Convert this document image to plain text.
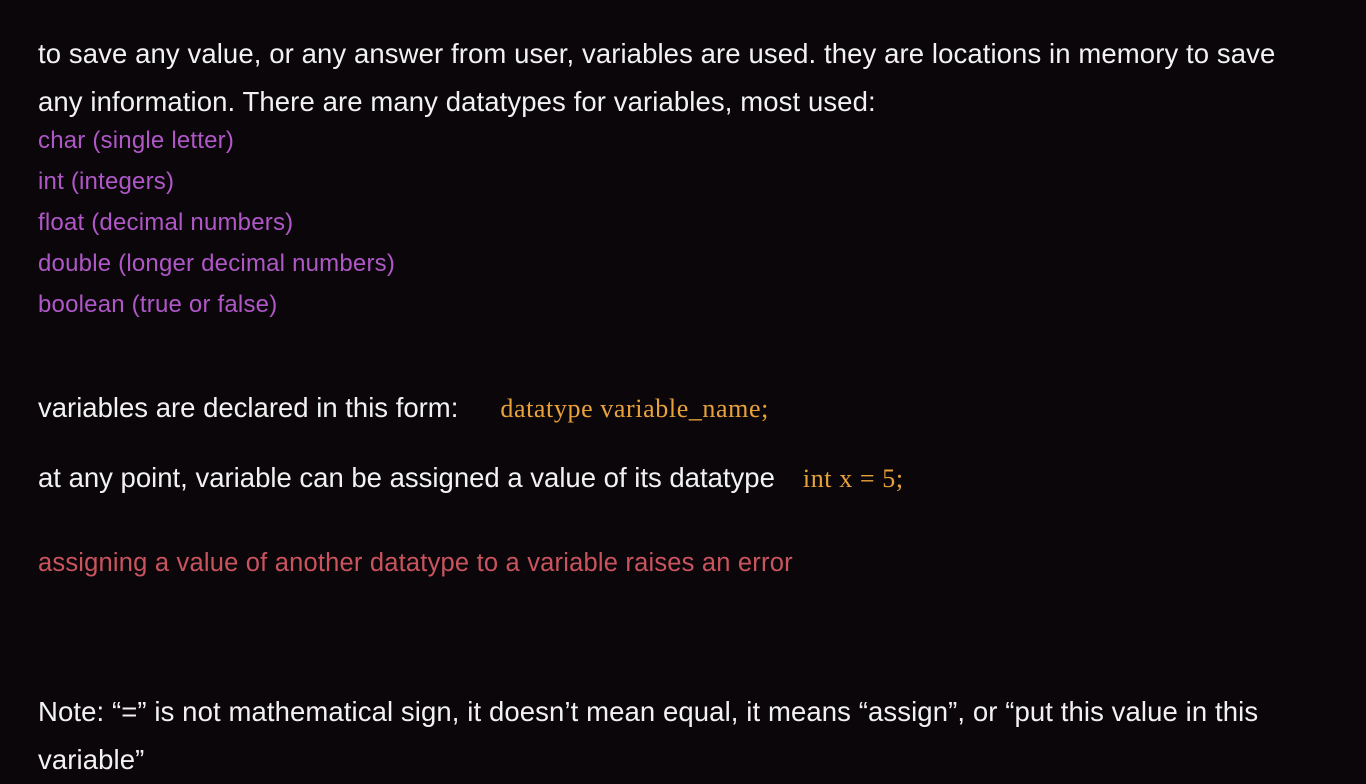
to save any value, or any answer from user, variables are used. they are locations in memory to save any information. There are many datatypes for variables, most used:

char (single letter)
int (integers)
float (decimal numbers)
double (longer decimal numbers)
boolean (true or false)
variables are declared in this form: datatype variable_name;
at any point, variable can be assigned a value of its datatype int x = 5;
assigning a value of another datatype to a variable raises an error

Note: “=” is not mathematical sign, it doesn’t mean equal, it means “assign”, or “put this value in this variable”
